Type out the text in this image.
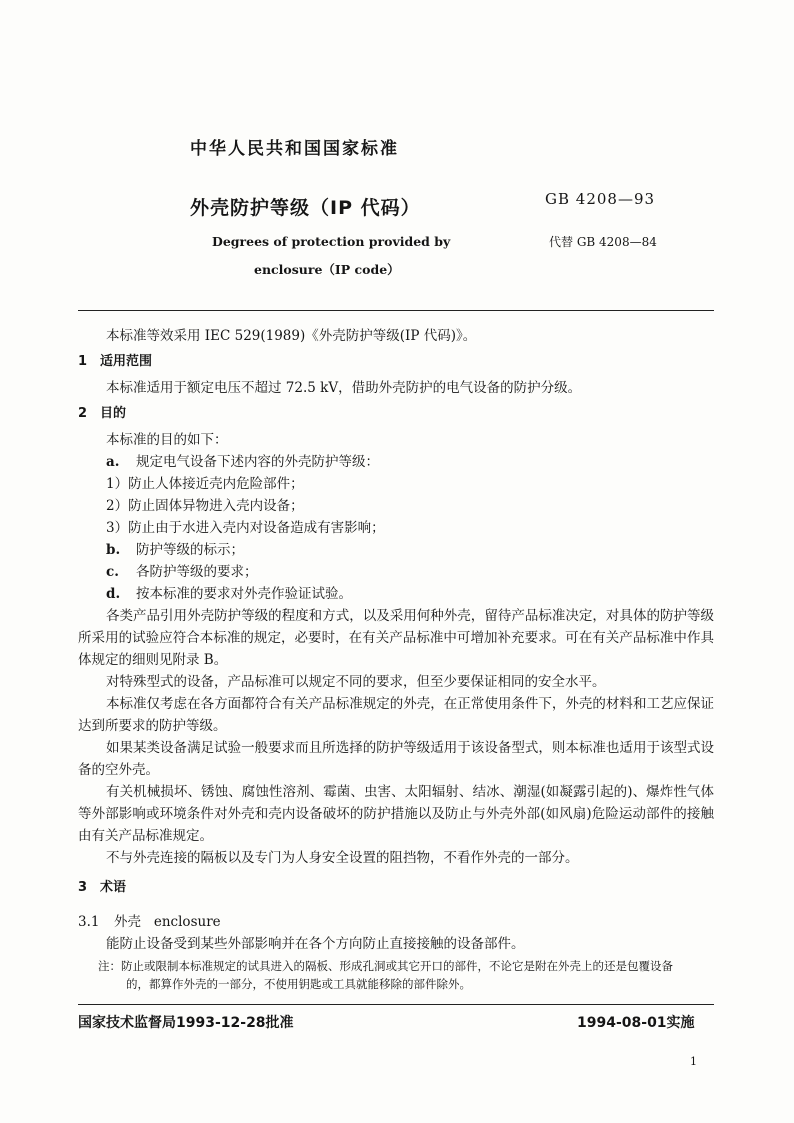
中华人民共和国国家标准
外壳防护等级（IP 代码）	GB 4208—93
Degrees of protection provided by
enclosure（IP code）
代替 GB 4208—84

本标准等效采用 IEC 529(1989)《外壳防护等级(IP 代码)》。

1 适用范围

本标准适用于额定电压不超过 72.5 kV，借助外壳防护的电气设备的防护分级。

2 目的

本标准的目的如下：

a. 规定电气设备下述内容的外壳防护等级：

1）防止人体接近壳内危险部件；

2）防止固体异物进入壳内设备；

3）防止由于水进入壳内对设备造成有害影响；

b. 防护等级的标示；

c. 各防护等级的要求；

d. 按本标准的要求对外壳作验证试验。

各类产品引用外壳防护等级的程度和方式，以及采用何种外壳，留待产品标准决定，对具体的防护等级所采用的试验应符合本标准的规定，必要时，在有关产品标准中可增加补充要求。可在有关产品标准中作具体规定的细则见附录 B。

对特殊型式的设备，产品标准可以规定不同的要求，但至少要保证相同的安全水平。

本标准仅考虑在各方面都符合有关产品标准规定的外壳，在正常使用条件下，外壳的材料和工艺应保证达到所要求的防护等级。

如果某类设备满足试验一般要求而且所选择的防护等级适用于该设备型式，则本标准也适用于该型式设备的空外壳。

有关机械损坏、锈蚀、腐蚀性溶剂、霉菌、虫害、太阳辐射、结冰、潮湿(如凝露引起的)、爆炸性气体等外部影响或环境条件对外壳和壳内设备破坏的防护措施以及防止与外壳外部(如风扇)危险运动部件的接触由有关产品标准规定。

不与外壳连接的隔板以及专门为人身安全设置的阻挡物，不看作外壳的一部分。

3 术语

3.1 外壳 enclosure

能防止设备受到某些外部影响并在各个方向防止直接接触的设备部件。

注：防止或限制本标准规定的试具进入的隔板、形成孔洞或其它开口的部件，不论它是附在外壳上的还是包覆设备

的，都算作外壳的一部分，不使用钥匙或工具就能移除的部件除外。

国家技术监督局1993-12-28批准	1994-08-01实施
1
